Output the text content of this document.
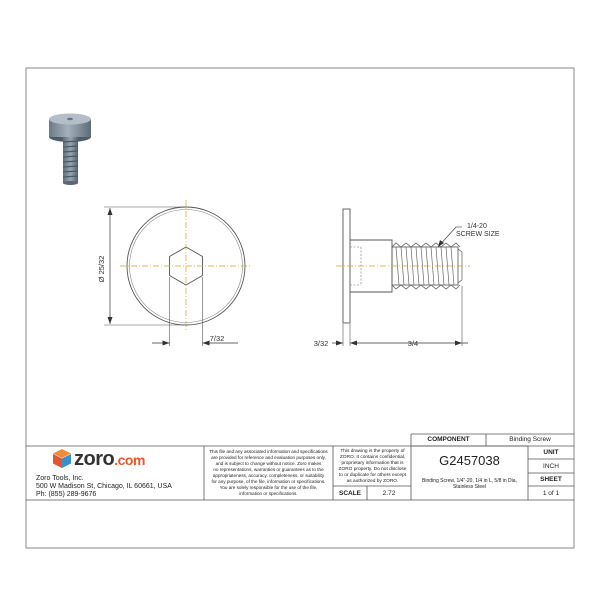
Ø 25/32
7/32
3/32	3/4
1/4-20
SCREW SIZE
zoro.com
Zoro Tools, Inc.
500 W Madison St, Chicago, IL 60661, USA
Ph: (855) 289-9676
This file and any associated information and specifications
are provided for reference and evaluation purposes only,
and is subject to change without notice. Zoro makes
no representations, warranties or guarantees as to the
appropriateness, accuracy, completeness, or suitability
for any purpose, of the file, information or specifications.
You are solely responsible for the use of the file,
information or specifications.
This drawing is the property of
ZORO. It contains confidential,
proprietary information that is
ZORO property. Do not disclose
to or duplicate for others except
as authorized by ZORO.
COMPONENT	Binding Screw
G2457038
Binding Screw, 1/4"-20, 1/4 in L, 5/8 in Dia,
Stainless Steel
UNIT
INCH
SHEET
1 of 1
SCALE	2.72
